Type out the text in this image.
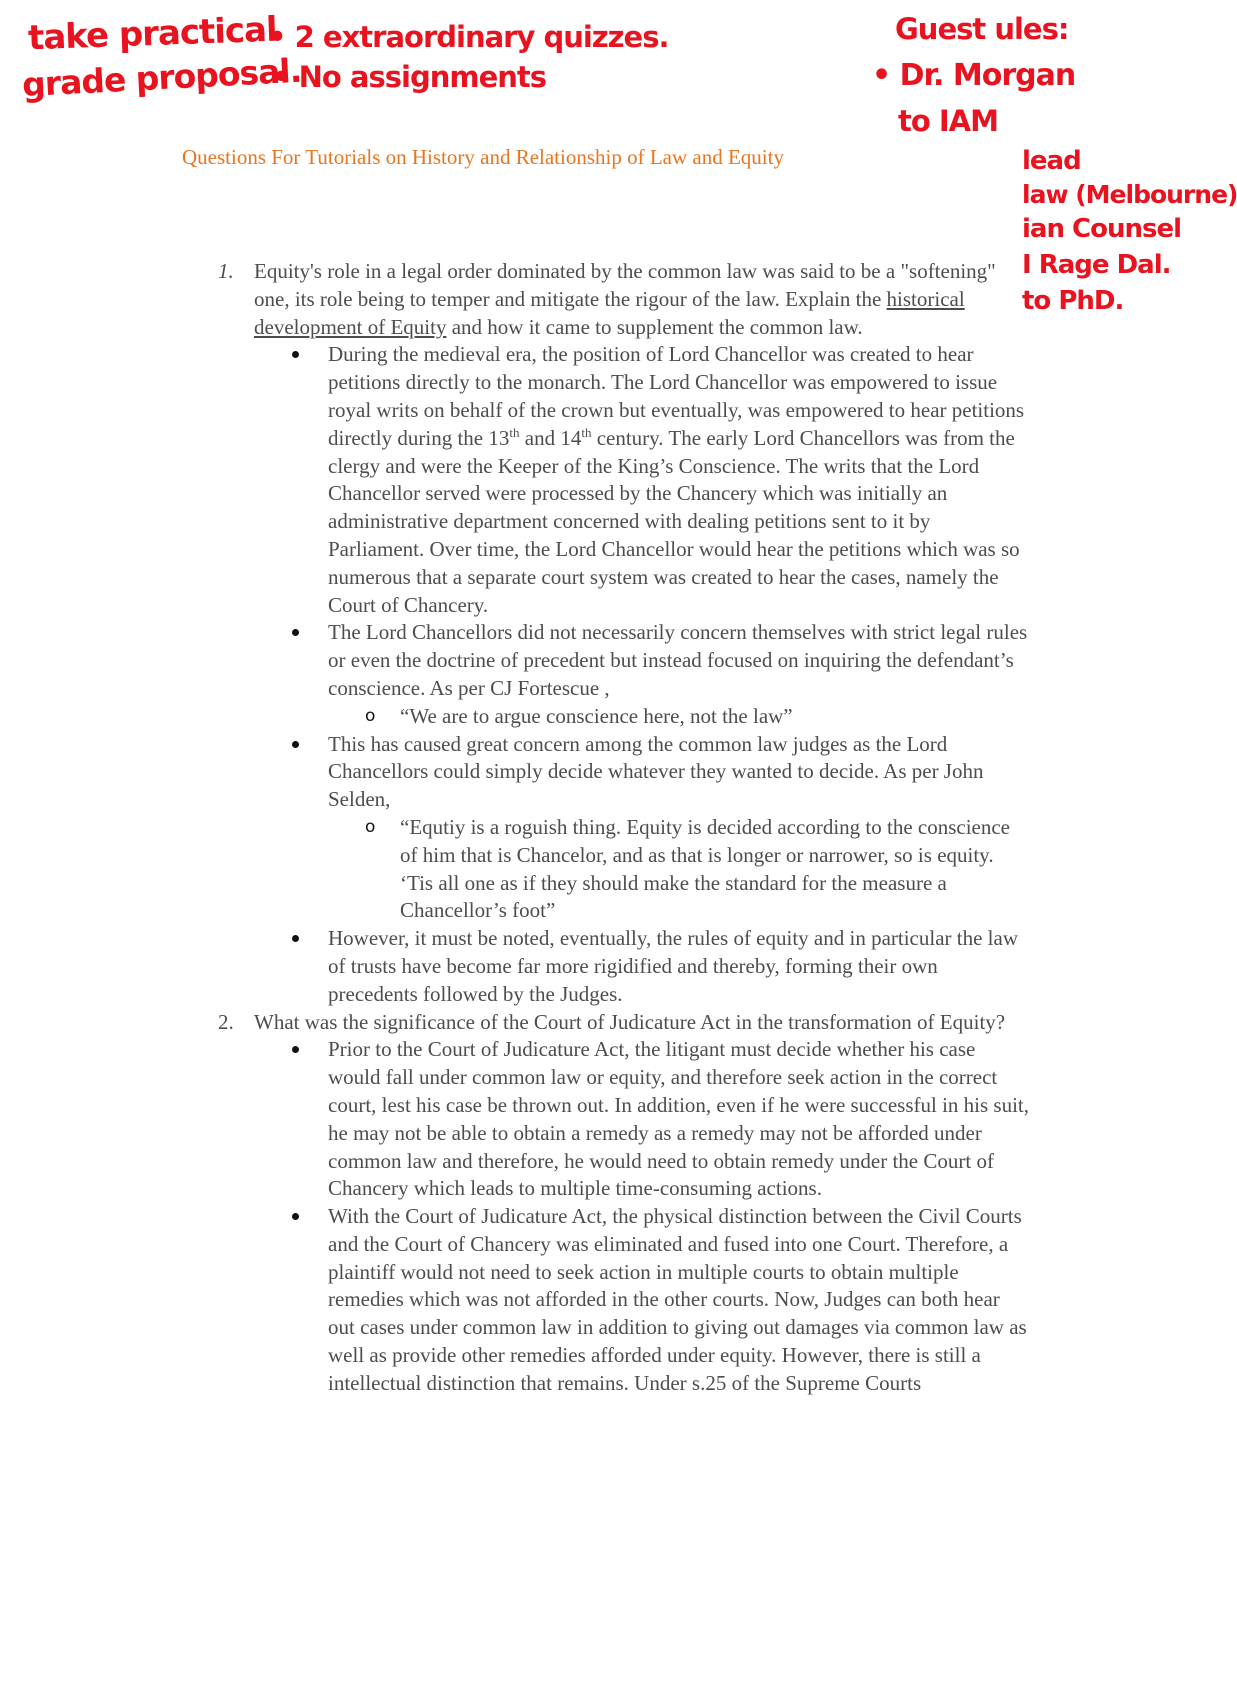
take practical
grade proposal.
• 2 extraordinary quizzes.
• No assignments
Guest ules:
• Dr. Morgan
to IAM
lead
law (Melbourne)
ian Counsel
I Rage Dal.
to PhD.
Questions For Tutorials on History and Relationship of Law and Equity
1. Equity's role in a legal order dominated by the common law was said to be a "softening" one, its role being to temper and mitigate the rigour of the law. Explain the historical development of Equity and how it came to supplement the common law.
During the medieval era, the position of Lord Chancellor was created to hear petitions directly to the monarch. The Lord Chancellor was empowered to issue royal writs on behalf of the crown but eventually, was empowered to hear petitions directly during the 13th and 14th century. The early Lord Chancellors was from the clergy and were the Keeper of the King’s Conscience. The writs that the Lord Chancellor served were processed by the Chancery which was initially an administrative department concerned with dealing petitions sent to it by Parliament. Over time, the Lord Chancellor would hear the petitions which was so numerous that a separate court system was created to hear the cases, namely the Court of Chancery.
The Lord Chancellors did not necessarily concern themselves with strict legal rules or even the doctrine of precedent but instead focused on inquiring the defendant’s conscience. As per CJ Fortescue ,
o “We are to argue conscience here, not the law”
This has caused great concern among the common law judges as the Lord Chancellors could simply decide whatever they wanted to decide. As per John Selden,
o “Equtiy is a roguish thing. Equity is decided according to the conscience of him that is Chancelor, and as that is longer or narrower, so is equity. ‘Tis all one as if they should make the standard for the measure a Chancellor’s foot”
However, it must be noted, eventually, the rules of equity and in particular the law of trusts have become far more rigidified and thereby, forming their own precedents followed by the Judges.
2. What was the significance of the Court of Judicature Act in the transformation of Equity?
Prior to the Court of Judicature Act, the litigant must decide whether his case would fall under common law or equity, and therefore seek action in the correct court, lest his case be thrown out. In addition, even if he were successful in his suit, he may not be able to obtain a remedy as a remedy may not be afforded under common law and therefore, he would need to obtain remedy under the Court of Chancery which leads to multiple time-consuming actions.
With the Court of Judicature Act, the physical distinction between the Civil Courts and the Court of Chancery was eliminated and fused into one Court. Therefore, a plaintiff would not need to seek action in multiple courts to obtain multiple remedies which was not afforded in the other courts. Now, Judges can both hear out cases under common law in addition to giving out damages via common law as well as provide other remedies afforded under equity. However, there is still a intellectual distinction that remains. Under s.25 of the Supreme Courts
